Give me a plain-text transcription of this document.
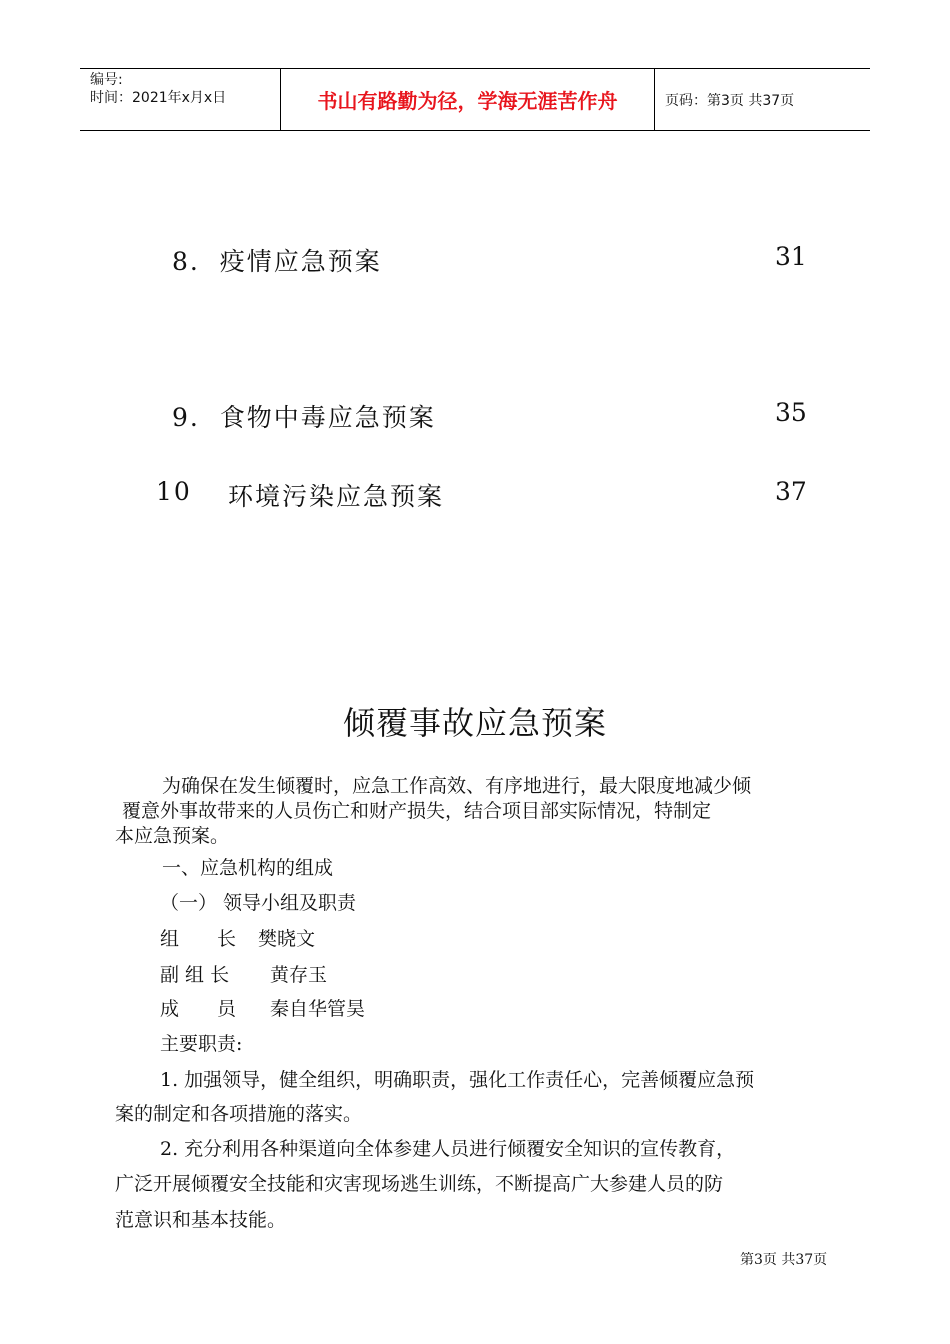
编号:
时间：2021年x月x日	书山有路勤为径，学海无涯苦作舟	页码：第3页 共37页
8. 疫情应急预案	31
9. 食物中毒应急预案	35
10 环境污染应急预案	37
倾覆事故应急预案
为确保在发生倾覆时，应急工作高效、有序地进行，最大限度地减少倾
覆意外事故带来的人员伤亡和财产损失，结合项目部实际情况，特制定
本应急预案。
一、应急机构的组成
（一） 领导小组及职责
组　　长 樊晓文
副 组 长 黄存玉
成　　员 秦自华管昊
主要职责:
1. 加强领导，健全组织，明确职责，强化工作责任心，完善倾覆应急预
案的制定和各项措施的落实。
2. 充分利用各种渠道向全体参建人员进行倾覆安全知识的宣传教育，
广泛开展倾覆安全技能和灾害现场逃生训练，不断提高广大参建人员的防
范意识和基本技能。
第3页 共37页
